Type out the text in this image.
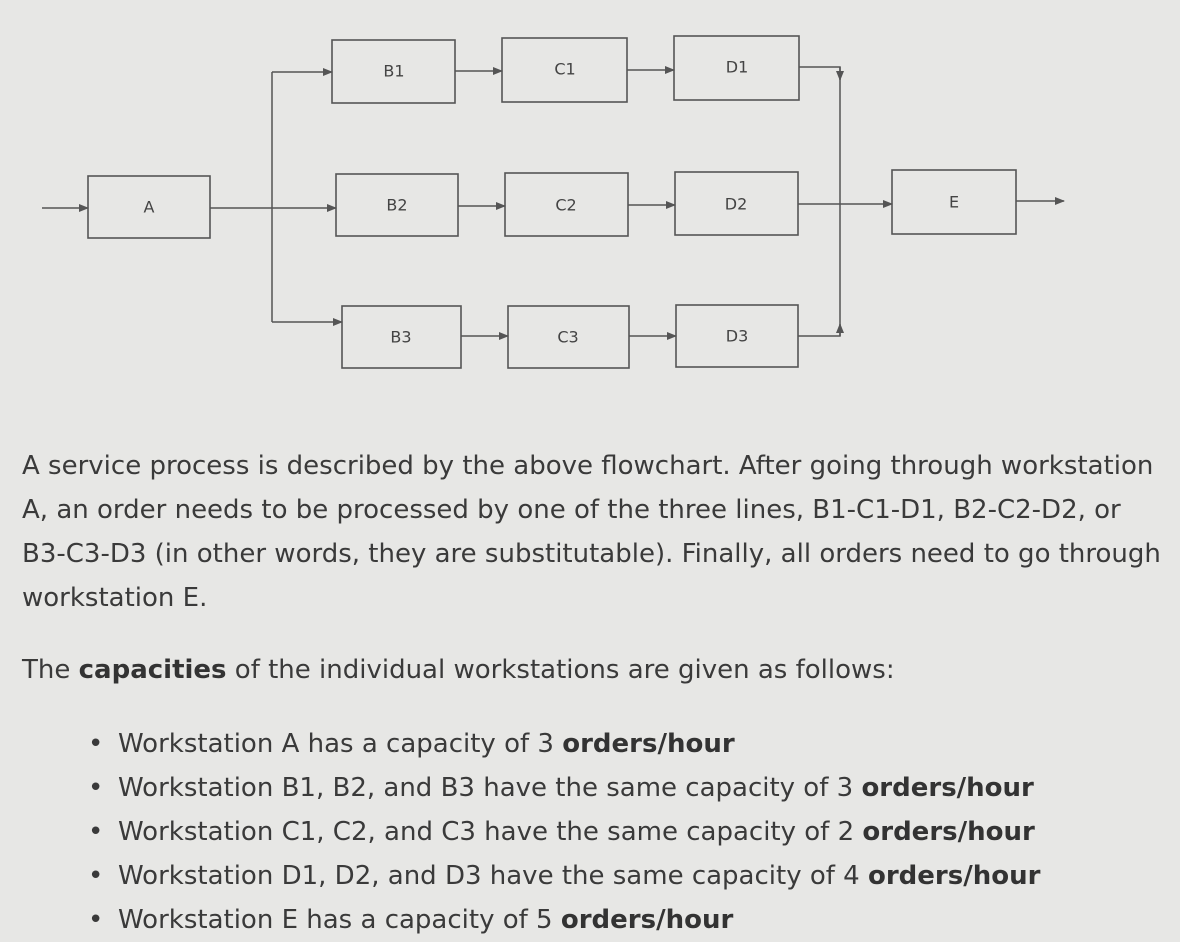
A
B1	C1	D1
B2	C2	D2
B3	C3	D3
E

A service process is described by the above flowchart. After going through workstation A, an order needs to be processed by one of the three lines, B1-C1-D1, B2-C2-D2, or B3-C3-D3 (in other words, they are substitutable). Finally, all orders need to go through workstation E.

The capacities of the individual workstations are given as follows:

• Workstation A has a capacity of 3 orders/hour
• Workstation B1, B2, and B3 have the same capacity of 3 orders/hour
• Workstation C1, C2, and C3 have the same capacity of 2 orders/hour
• Workstation D1, D2, and D3 have the same capacity of 4 orders/hour
• Workstation E has a capacity of 5 orders/hour
